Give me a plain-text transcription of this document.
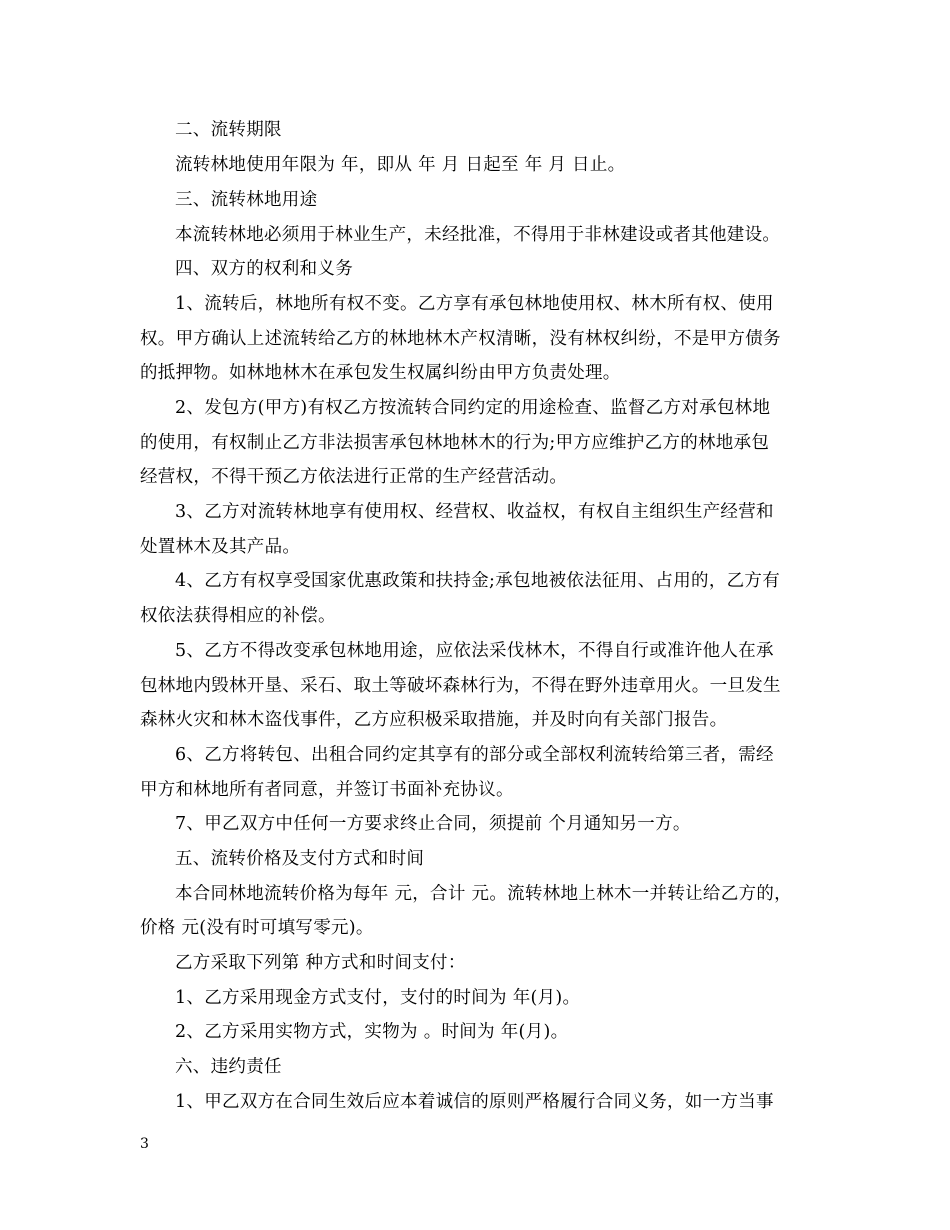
二、流转期限
流转林地使用年限为 年，即从 年 月 日起至 年 月 日止。
三、流转林地用途
本流转林地必须用于林业生产，未经批准，不得用于非林建设或者其他建设。
四、双方的权利和义务
1、流转后，林地所有权不变。乙方享有承包林地使用权、林木所有权、使用
权。甲方确认上述流转给乙方的林地林木产权清晰，没有林权纠纷，不是甲方债务
的抵押物。如林地林木在承包发生权属纠纷由甲方负责处理。
2、发包方(甲方)有权乙方按流转合同约定的用途检查、监督乙方对承包林地
的使用，有权制止乙方非法损害承包林地林木的行为;甲方应维护乙方的林地承包
经营权，不得干预乙方依法进行正常的生产经营活动。
3、乙方对流转林地享有使用权、经营权、收益权，有权自主组织生产经营和
处置林木及其产品。
4、乙方有权享受国家优惠政策和扶持金;承包地被依法征用、占用的，乙方有
权依法获得相应的补偿。
5、乙方不得改变承包林地用途，应依法采伐林木，不得自行或准许他人在承
包林地内毁林开垦、采石、取土等破坏森林行为，不得在野外违章用火。一旦发生
森林火灾和林木盗伐事件，乙方应积极采取措施，并及时向有关部门报告。
6、乙方将转包、出租合同约定其享有的部分或全部权利流转给第三者，需经
甲方和林地所有者同意，并签订书面补充协议。
7、甲乙双方中任何一方要求终止合同，须提前 个月通知另一方。
五、流转价格及支付方式和时间
本合同林地流转价格为每年 元，合计 元。流转林地上林木一并转让给乙方的，
价格 元(没有时可填写零元)。
乙方采取下列第 种方式和时间支付：
1、乙方采用现金方式支付，支付的时间为 年(月)。
2、乙方采用实物方式，实物为 。时间为 年(月)。
六、违约责任
1、甲乙双方在合同生效后应本着诚信的原则严格履行合同义务，如一方当事
3
